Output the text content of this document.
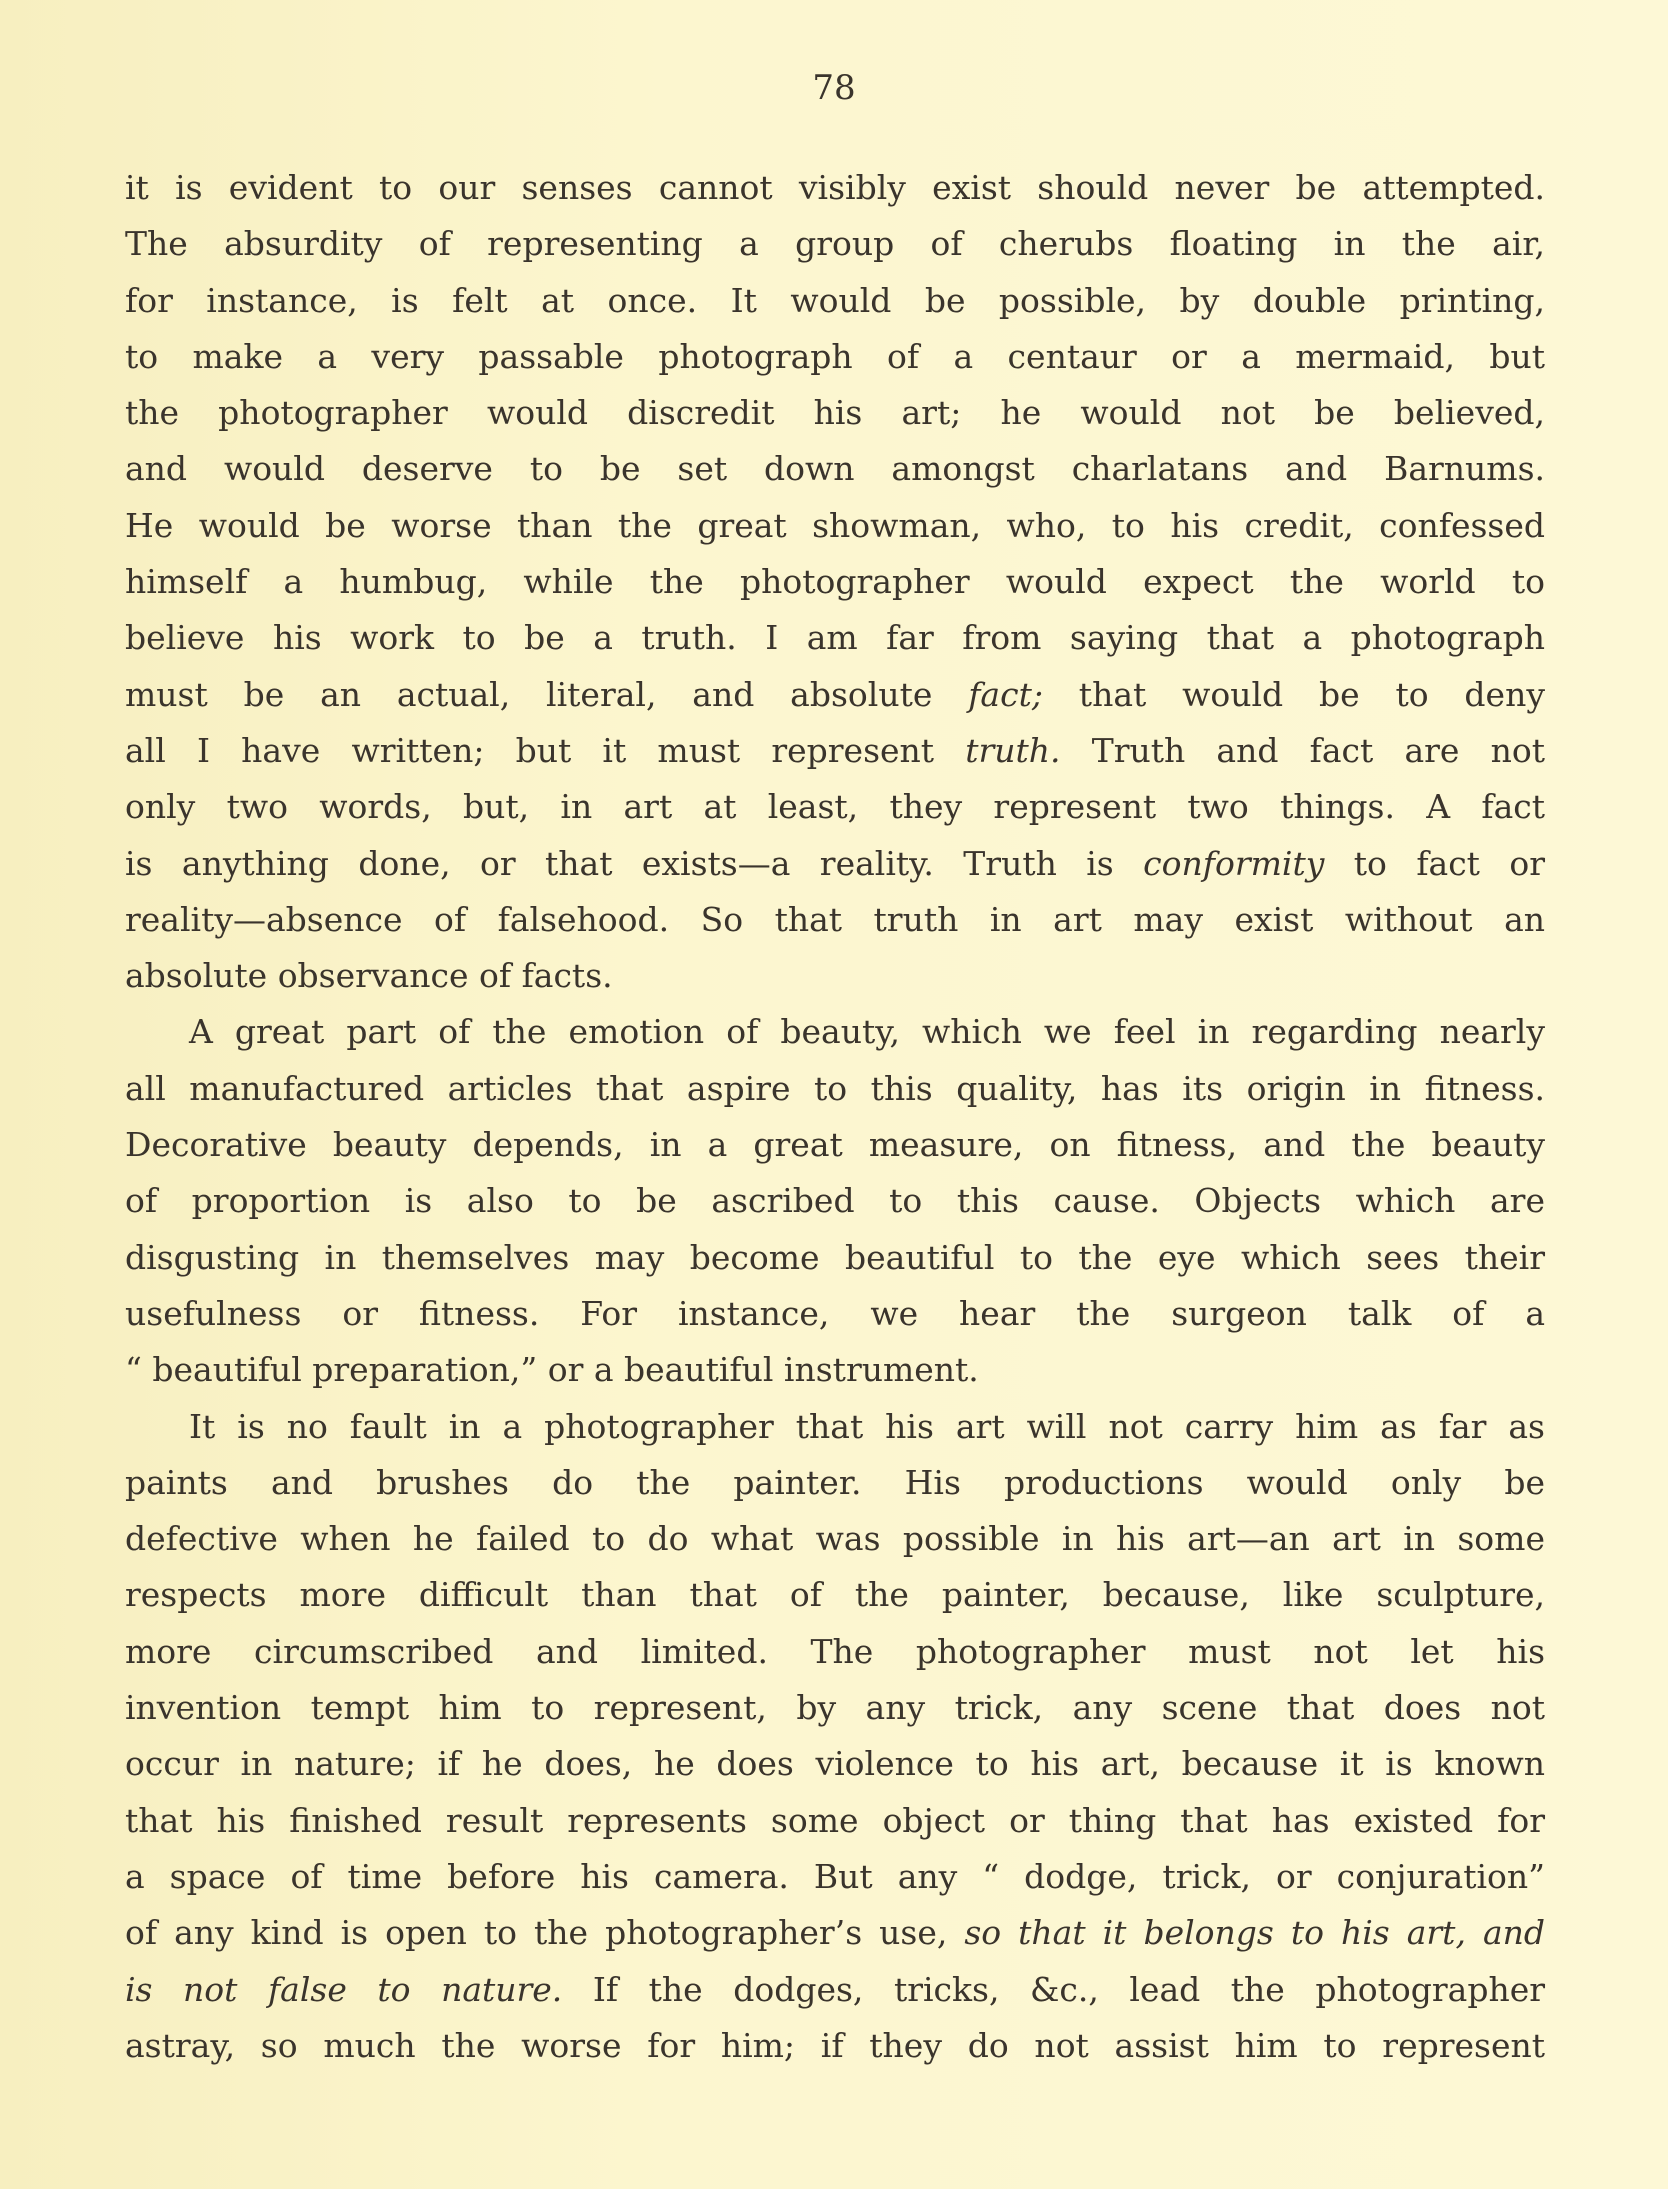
78
it is evident to our senses cannot visibly exist should never be attempted.
The absurdity of representing a group of cherubs floating in the air,
for instance, is felt at once. It would be possible, by double printing,
to make a very passable photograph of a centaur or a mermaid, but
the photographer would discredit his art; he would not be believed,
and would deserve to be set down amongst charlatans and Barnums.
He would be worse than the great showman, who, to his credit, confessed
himself a humbug, while the photographer would expect the world to
believe his work to be a truth. I am far from saying that a photograph
must be an actual, literal, and absolute fact; that would be to deny
all I have written; but it must represent truth. Truth and fact are not
only two words, but, in art at least, they represent two things. A fact
is anything done, or that exists—a reality. Truth is conformity to fact or
reality—absence of falsehood. So that truth in art may exist without an
absolute observance of facts.
A great part of the emotion of beauty, which we feel in regarding nearly
all manufactured articles that aspire to this quality, has its origin in fitness.
Decorative beauty depends, in a great measure, on fitness, and the beauty
of proportion is also to be ascribed to this cause. Objects which are
disgusting in themselves may become beautiful to the eye which sees their
usefulness or fitness. For instance, we hear the surgeon talk of a
“ beautiful preparation,” or a beautiful instrument.
It is no fault in a photographer that his art will not carry him as far as
paints and brushes do the painter. His productions would only be
defective when he failed to do what was possible in his art—an art in some
respects more difficult than that of the painter, because, like sculpture,
more circumscribed and limited. The photographer must not let his
invention tempt him to represent, by any trick, any scene that does not
occur in nature; if he does, he does violence to his art, because it is known
that his finished result represents some object or thing that has existed for
a space of time before his camera. But any “ dodge, trick, or conjuration”
of any kind is open to the photographer’s use, so that it belongs to his art, and
is not false to nature. If the dodges, tricks, &c., lead the photographer
astray, so much the worse for him; if they do not assist him to represent
